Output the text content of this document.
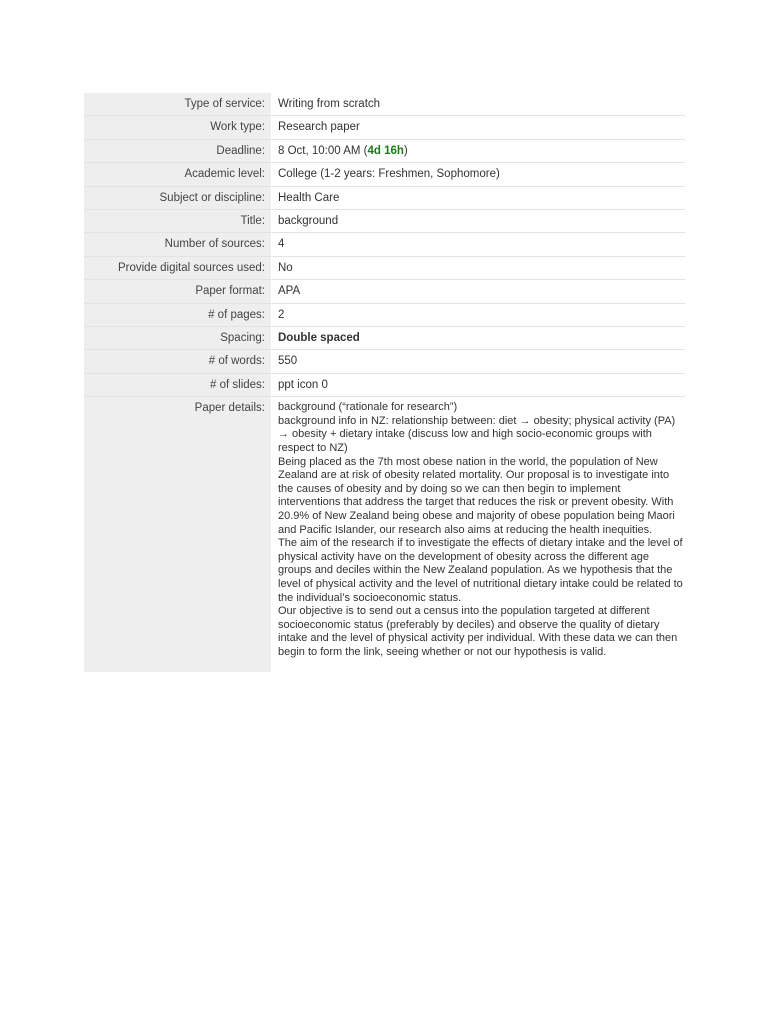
Type of service:	Writing from scratch
Work type:	Research paper
Deadline:	8 Oct, 10:00 AM (4d 16h)
Academic level:	College (1-2 years: Freshmen, Sophomore)
Subject or discipline:	Health Care
Title:	background
Number of sources:	4
Provide digital sources used:	No
Paper format:	APA
# of pages:	2
Spacing:	Double spaced
# of words:	550
# of slides:	ppt icon 0
Paper details:	background (“rationale for research”)

background info in NZ: relationship between: diet → obesity; physical activity (PA) → obesity + dietary intake (discuss low and high socio-economic groups with respect to NZ)

Being placed as the 7th most obese nation in the world, the population of New Zealand are at risk of obesity related mortality. Our proposal is to investigate into the causes of obesity and by doing so we can then begin to implement interventions that address the target that reduces the risk or prevent obesity. With 20.9% of New Zealand being obese and majority of obese population being Maori and Pacific Islander, our research also aims at reducing the health inequities.

The aim of the research if to investigate the effects of dietary intake and the level of physical activity have on the development of obesity across the different age groups and deciles within the New Zealand population. As we hypothesis that the level of physical activity and the level of nutritional dietary intake could be related to the individual’s socioeconomic status.

Our objective is to send out a census into the population targeted at different socioeconomic status (preferably by deciles) and observe the quality of dietary intake and the level of physical activity per individual. With these data we can then begin to form the link, seeing whether or not our hypothesis is valid.
